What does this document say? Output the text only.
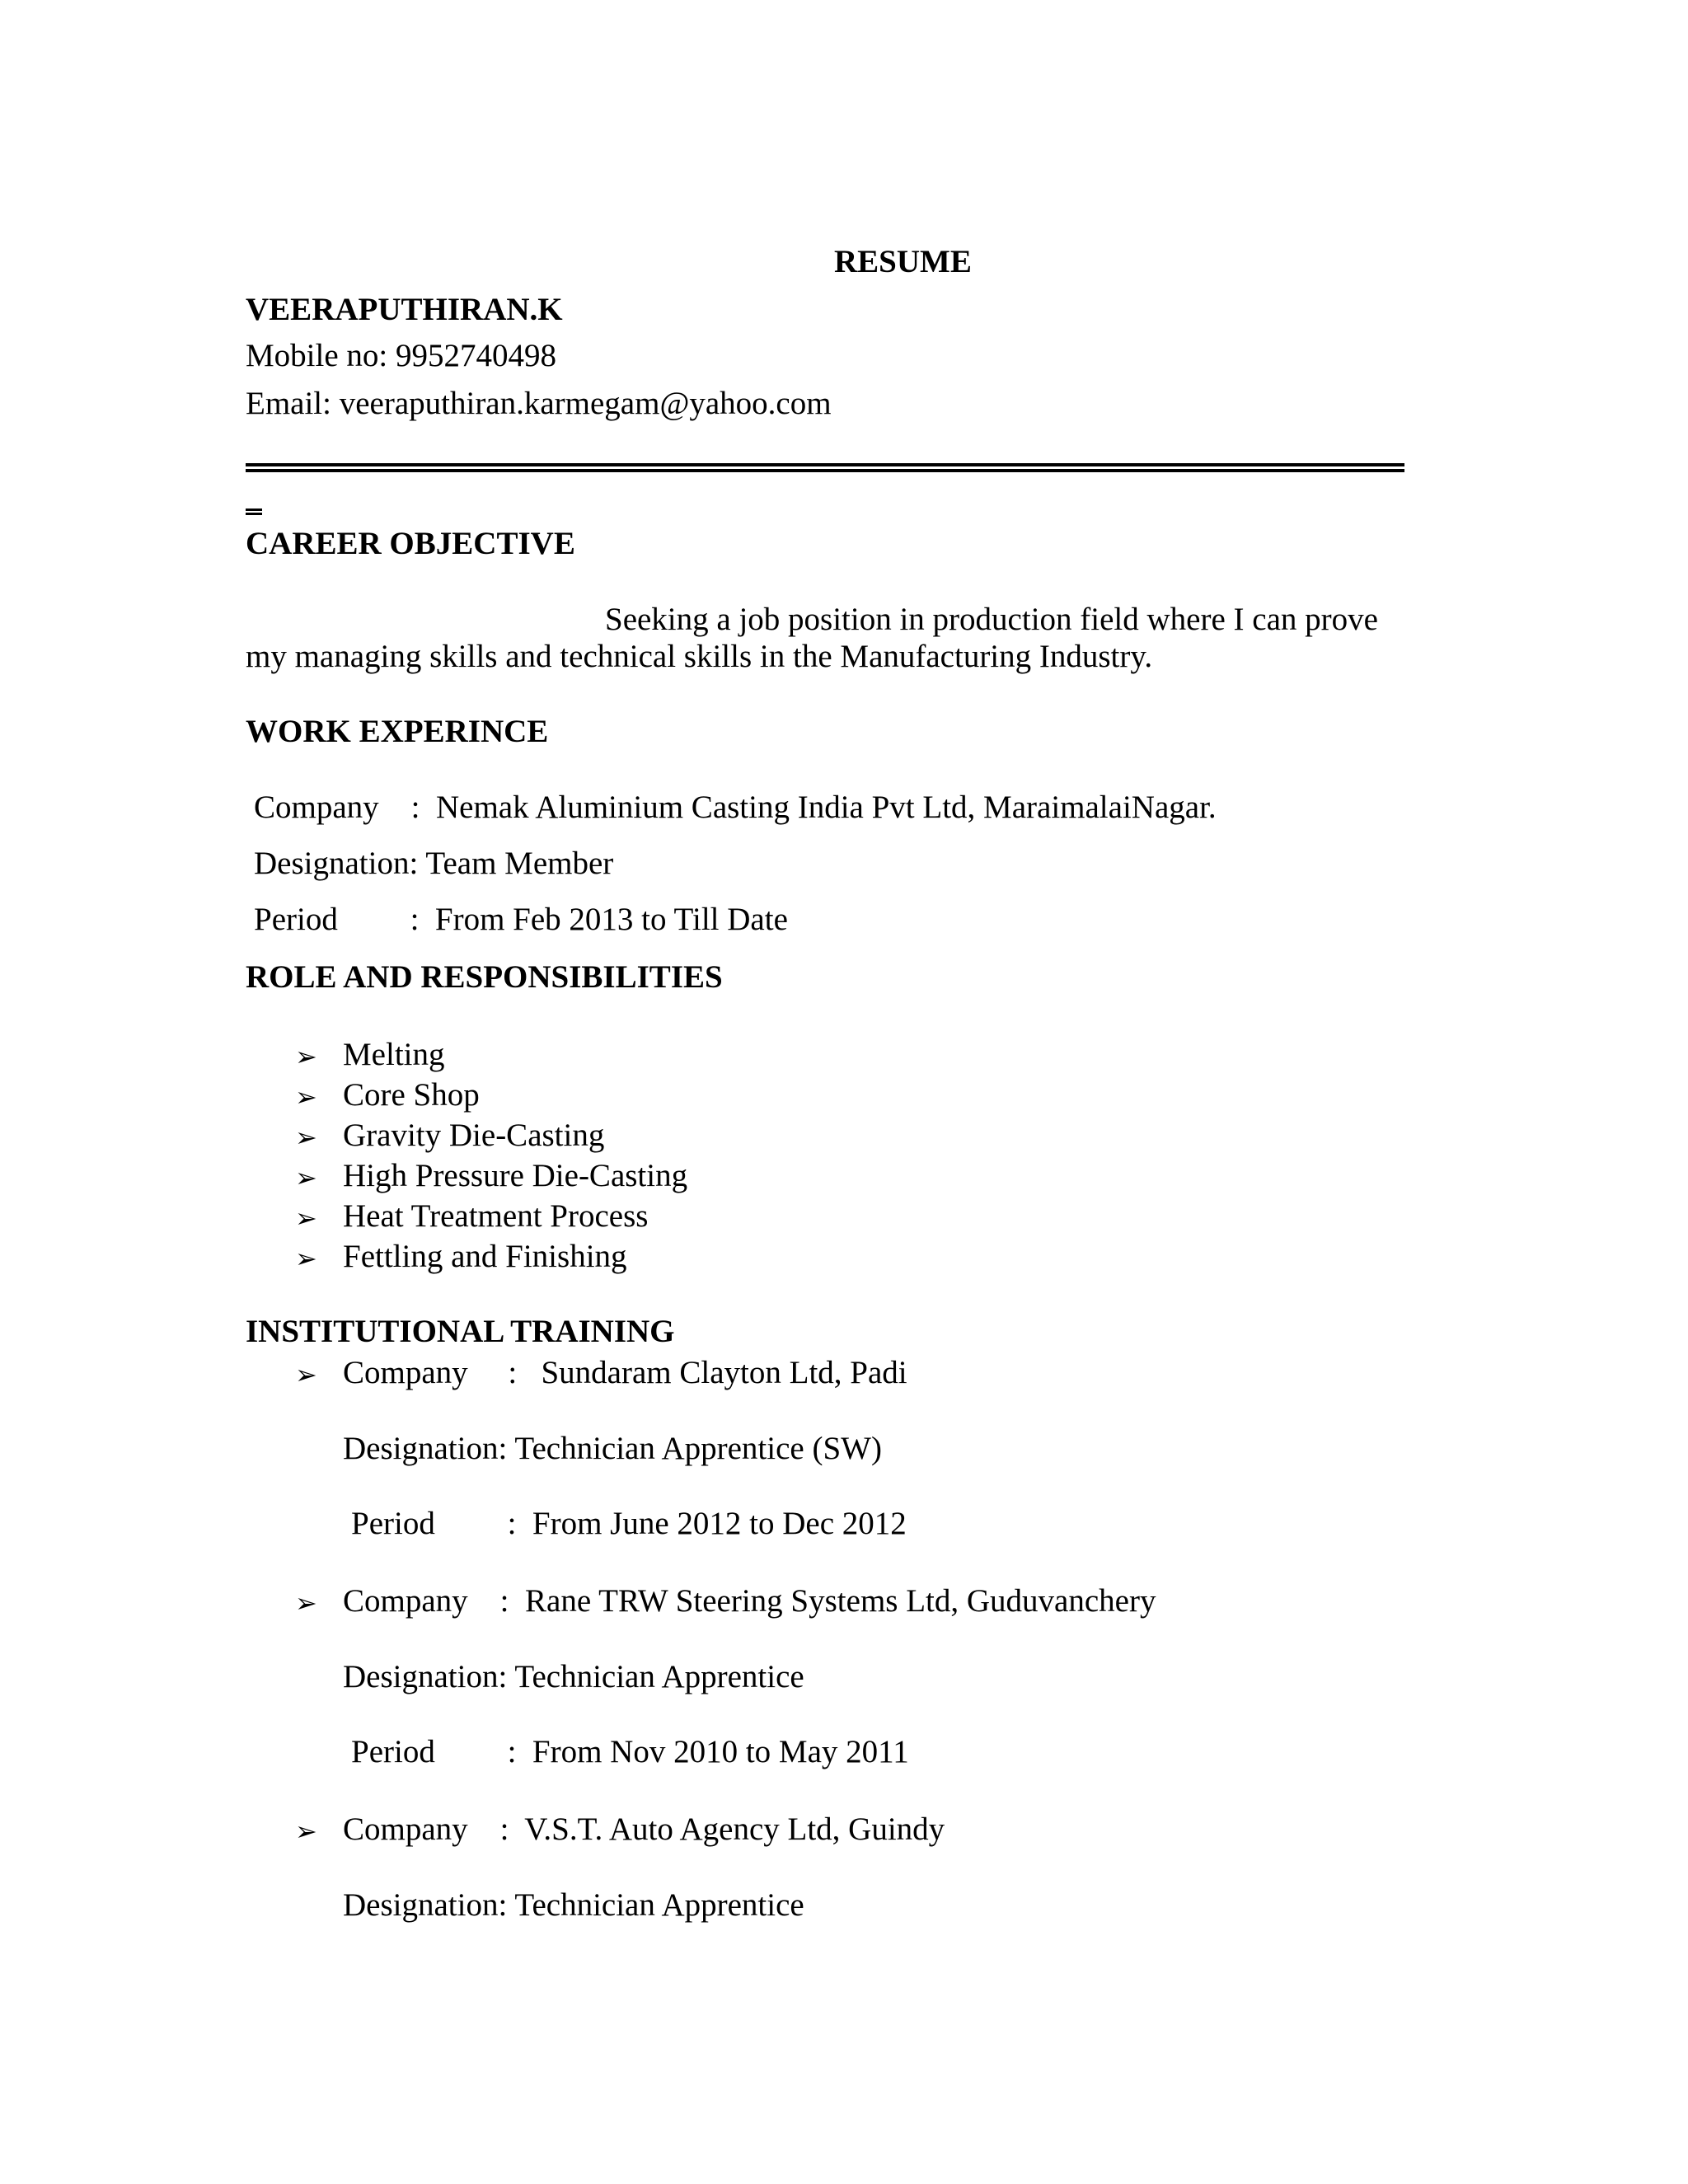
RESUME
VEERAPUTHIRAN.K
Mobile no: 9952740498
Email: veeraputhiran.karmegam@yahoo.com
CAREER OBJECTIVE
Seeking a job position in production field where I can prove
my managing skills and technical skills in the Manufacturing Industry.
WORK EXPERINCE
Company    :  Nemak Aluminium Casting India Pvt Ltd, MaraimalaiNagar.
Designation: Team Member
Period         :  From Feb 2013 to Till Date
ROLE AND RESPONSIBILITIES
➢ Melting
➢ Core Shop
➢ Gravity Die-Casting
➢ High Pressure Die-Casting
➢ Heat Treatment Process
➢ Fettling and Finishing
INSTITUTIONAL TRAINING
➢ Company     :   Sundaram Clayton Ltd, Padi
Designation: Technician Apprentice (SW)
Period         :  From June 2012 to Dec 2012
➢ Company    :  Rane TRW Steering Systems Ltd, Guduvanchery
Designation: Technician Apprentice
Period         :  From Nov 2010 to May 2011
➢ Company    :  V.S.T. Auto Agency Ltd, Guindy
Designation: Technician Apprentice
